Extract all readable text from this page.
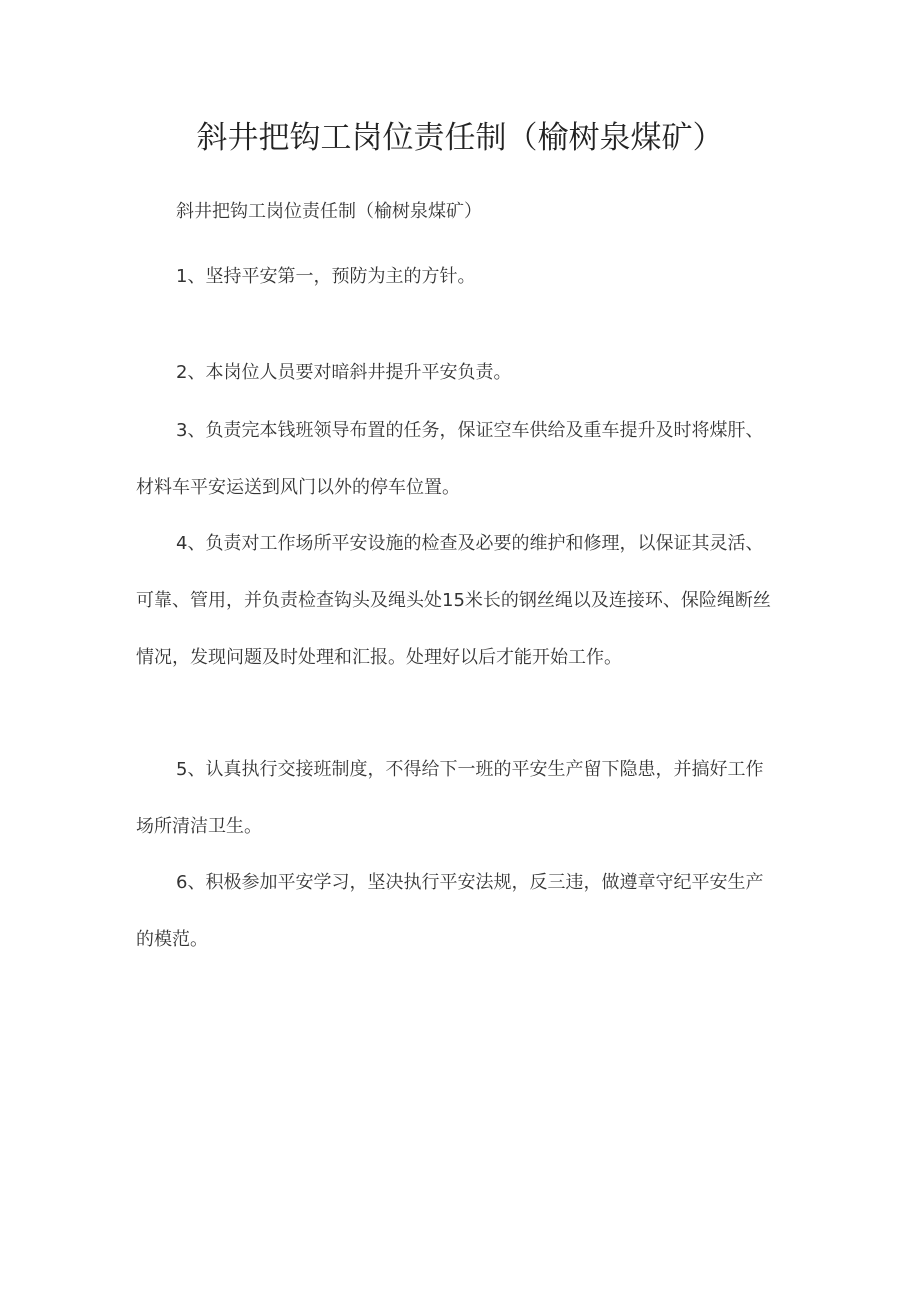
斜井把钩工岗位责任制（榆树泉煤矿）

斜井把钩工岗位责任制（榆树泉煤矿）

1、坚持平安第一，预防为主的方针。

2、本岗位人员要对暗斜井提升平安负责。

3、负责完本钱班领导布置的任务，保证空车供给及重车提升及时将煤肝、材料车平安运送到风门以外的停车位置。

4、负责对工作场所平安设施的检查及必要的维护和修理，以保证其灵活、可靠、管用，并负责检查钩头及绳头处15米长的钢丝绳以及连接环、保险绳断丝情况，发现问题及时处理和汇报。处理好以后才能开始工作。

5、认真执行交接班制度，不得给下一班的平安生产留下隐患，并搞好工作场所清洁卫生。

6、积极参加平安学习，坚决执行平安法规，反三违，做遵章守纪平安生产的模范。
